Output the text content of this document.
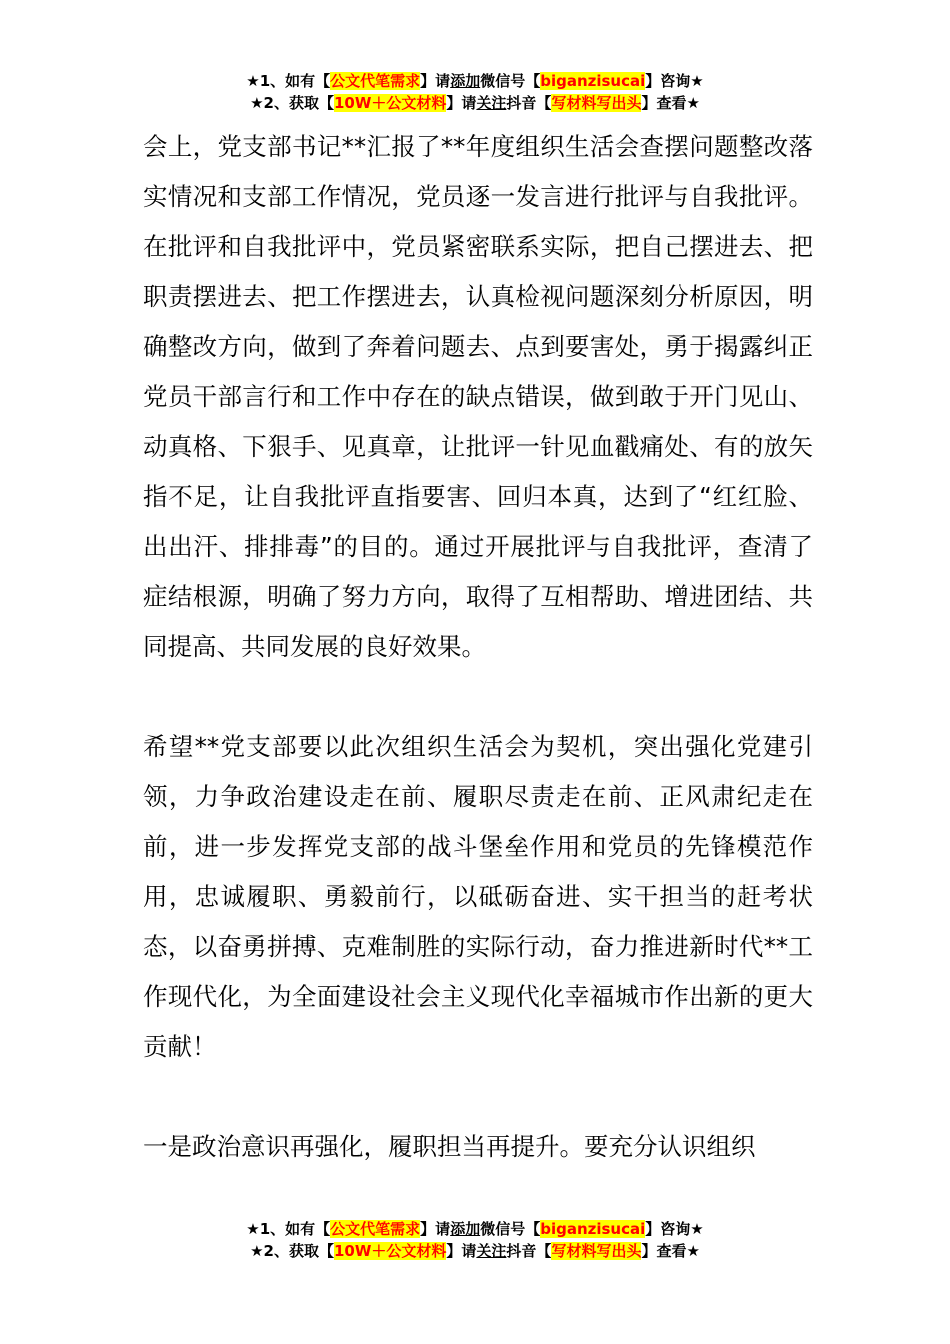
★1、如有【公文代笔需求】请添加微信号【biganzisucai】咨询★
★2、获取【10W＋公文材料】请关注抖音【写材料写出头】查看★

会上，党支部书记**汇报了**年度组织生活会查摆问题整改落实情况和支部工作情况，党员逐一发言进行批评与自我批评。在批评和自我批评中，党员紧密联系实际，把自己摆进去、把职责摆进去、把工作摆进去，认真检视问题深刻分析原因，明确整改方向，做到了奔着问题去、点到要害处，勇于揭露纠正党员干部言行和工作中存在的缺点错误，做到敢于开门见山、动真格、下狠手、见真章，让批评一针见血戳痛处、有的放矢指不足，让自我批评直指要害、回归本真，达到了“红红脸、出出汗、排排毒”的目的。通过开展批评与自我批评，查清了症结根源，明确了努力方向，取得了互相帮助、增进团结、共同提高、共同发展的良好效果。

希望**党支部要以此次组织生活会为契机，突出强化党建引领，力争政治建设走在前、履职尽责走在前、正风肃纪走在前，进一步发挥党支部的战斗堡垒作用和党员的先锋模范作用，忠诚履职、勇毅前行，以砥砺奋进、实干担当的赶考状态，以奋勇拼搏、克难制胜的实际行动，奋力推进新时代**工作现代化，为全面建设社会主义现代化幸福城市作出新的更大贡献！

一是政治意识再强化，履职担当再提升。要充分认识组织

★1、如有【公文代笔需求】请添加微信号【biganzisucai】咨询★
★2、获取【10W＋公文材料】请关注抖音【写材料写出头】查看★
